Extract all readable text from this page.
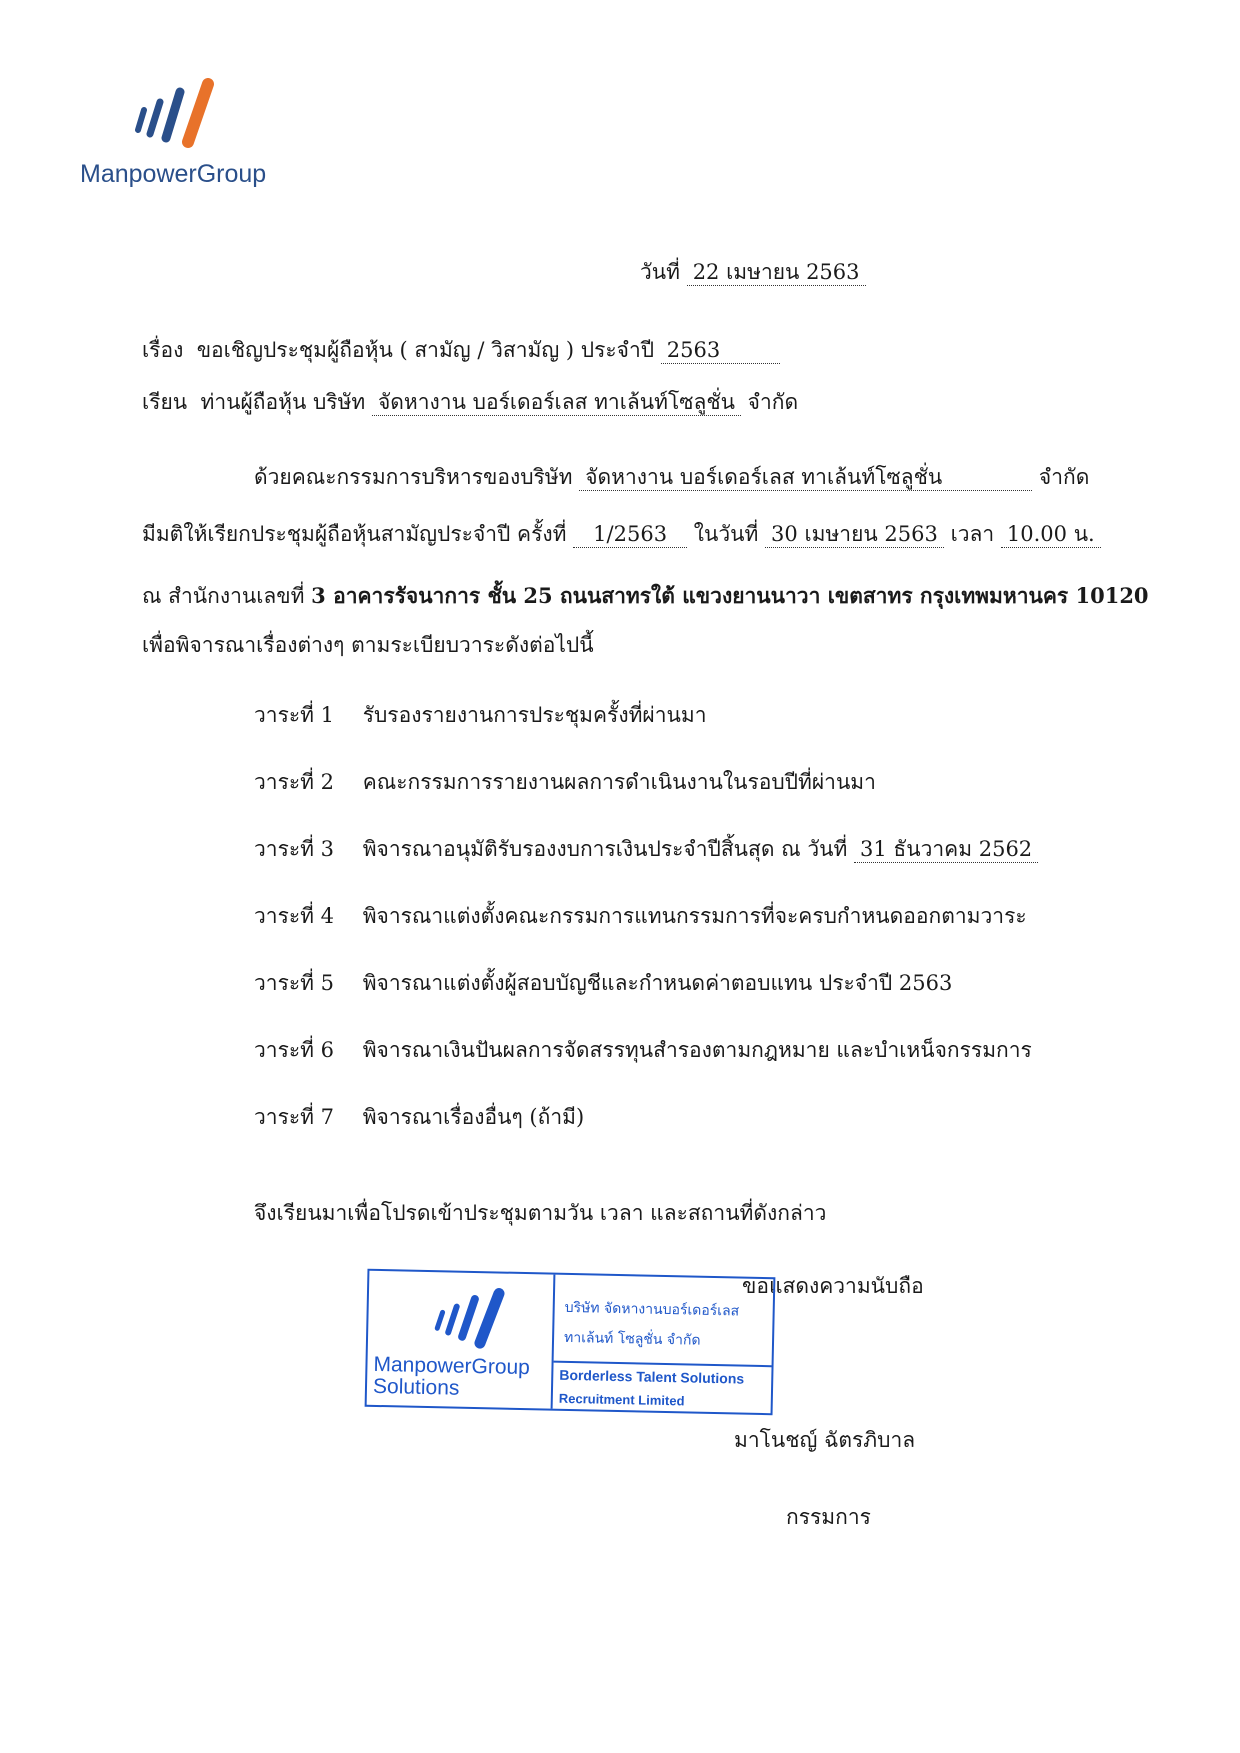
ManpowerGroup
วันที่ 22 เมษายน 2563
เรื่อง ขอเชิญประชุมผู้ถือหุ้น ( สามัญ / วิสามัญ ) ประจำปี 2563
เรียน ท่านผู้ถือหุ้น บริษัท จัดหางาน บอร์เดอร์เลส ทาเล้นท์โซลูชั่น จำกัด
ด้วยคณะกรรมการบริหารของบริษัท จัดหางาน บอร์เดอร์เลส ทาเล้นท์โซลูชั่น	จำกัด
มีมติให้เรียกประชุมผู้ถือหุ้นสามัญประจำปี ครั้งที่ 1/2563 ในวันที่ 30 เมษายน 2563 เวลา 10.00 น.
ณ สำนักงานเลขที่ 3 อาคารรัจนาการ ชั้น 25 ถนนสาทรใต้ แขวงยานนาวา เขตสาทร กรุงเทพมหานคร 10120
เพื่อพิจารณาเรื่องต่างๆ ตามระเบียบวาระดังต่อไปนี้
วาระที่ 1 รับรองรายงานการประชุมครั้งที่ผ่านมา
วาระที่ 2 คณะกรรมการรายงานผลการดำเนินงานในรอบปีที่ผ่านมา
วาระที่ 3 พิจารณาอนุมัติรับรองงบการเงินประจำปีสิ้นสุด ณ วันที่ 31 ธันวาคม 2562
วาระที่ 4 พิจารณาแต่งตั้งคณะกรรมการแทนกรรมการที่จะครบกำหนดออกตามวาระ
วาระที่ 5 พิจารณาแต่งตั้งผู้สอบบัญชีและกำหนดค่าตอบแทน ประจำปี 2563
วาระที่ 6 พิจารณาเงินปันผลการจัดสรรทุนสำรองตามกฎหมาย และบำเหน็จกรรมการ
วาระที่ 7 พิจารณาเรื่องอื่นๆ (ถ้ามี)
จึงเรียนมาเพื่อโปรดเข้าประชุมตามวัน เวลา และสถานที่ดังกล่าว
ขอแสดงความนับถือ
ManpowerGroup
Solutions
บริษัท จัดหางานบอร์เดอร์เลส
ทาเล้นท์ โซลูชั่น จำกัด
Borderless Talent Solutions
Recruitment Limited
มาโนชญ์ ฉัตรภิบาล
กรรมการ
